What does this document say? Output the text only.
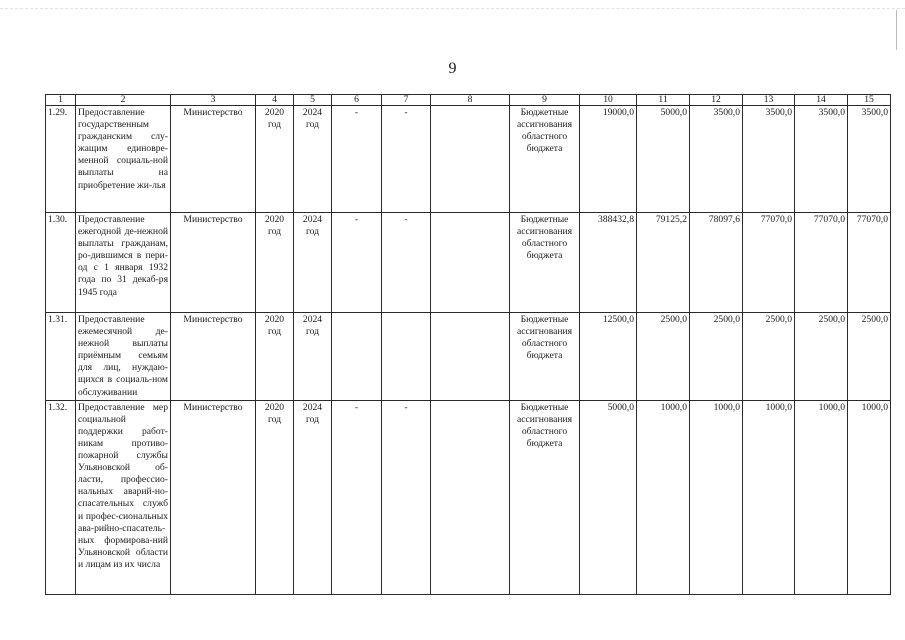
9
1	2	3	4	5	6	7	8	9	10	11	12	13	14	15
1.29.	Предоставление государственным гражданским слу-жащим единовре-менной социаль-ной выплаты на приобретение жи-лья	Министерство	2020 год	2024 год	-	-		Бюджетные ассигнования областного бюджета	19000,0	5000,0	3500,0	3500,0	3500,0	3500,0
1.30.	Предоставление ежегодной де-нежной выплаты гражданам, ро-дившимся в пери-од с 1 января 1932 года по 31 декаб-ря 1945 года	Министерство	2020 год	2024 год	-	-		Бюджетные ассигнования областного бюджета	388432,8	79125,2	78097,6	77070,0	77070,0	77070,0
1.31.	Предоставление ежемесячной де-нежной выплаты приёмным семьям для лиц, нуждаю-щихся в социаль-ном обслуживании	Министерство	2020 год	2024 год				Бюджетные ассигнования областного бюджета	12500,0	2500,0	2500,0	2500,0	2500,0	2500,0
1.32.	Предоставление мер социальной поддержки работ-никам противо-пожарной службы Ульяновской об-ласти, профессио-нальных аварий-но-спасательных служб и профес-сиональных ава-рийно-спасатель-ных формирова-ний Ульяновской области и лицам из их числа	Министерство	2020 год	2024 год	-	-		Бюджетные ассигнования областного бюджета	5000,0	1000,0	1000,0	1000,0	1000,0	1000,0
